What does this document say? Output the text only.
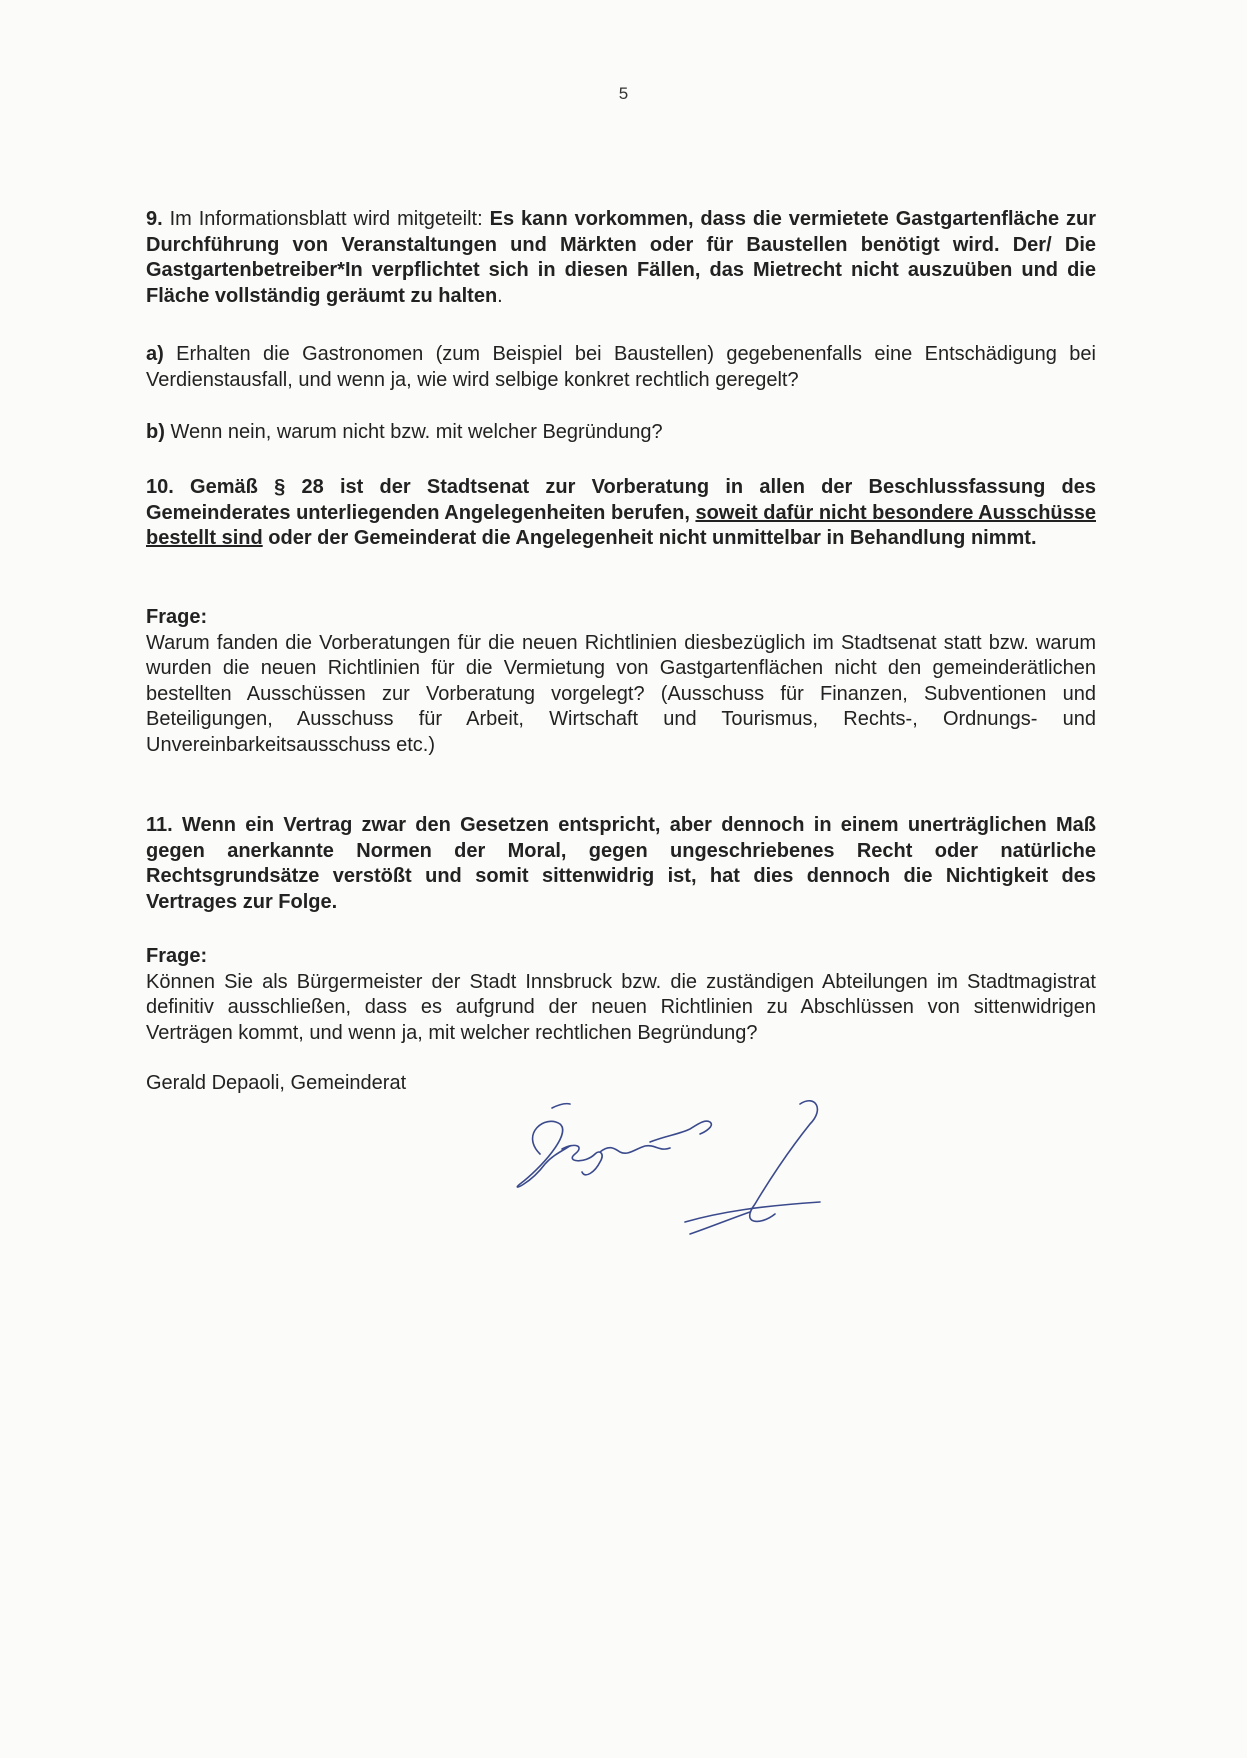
5

9. Im Informationsblatt wird mitgeteilt: Es kann vorkommen, dass die vermietete Gastgartenfläche zur Durchführung von Veranstaltungen und Märkten oder für Baustellen benötigt wird. Der/ Die Gastgartenbetreiber*In verpflichtet sich in diesen Fällen, das Mietrecht nicht auszuüben und die Fläche vollständig geräumt zu halten.

a) Erhalten die Gastronomen (zum Beispiel bei Baustellen) gegebenenfalls eine Entschädigung bei Verdienstausfall, und wenn ja, wie wird selbige konkret rechtlich geregelt?

b) Wenn nein, warum nicht bzw. mit welcher Begründung?

10. Gemäß § 28 ist der Stadtsenat zur Vorberatung in allen der Beschlussfassung des Gemeinderates unterliegenden Angelegenheiten berufen, soweit dafür nicht besondere Ausschüsse bestellt sind oder der Gemeinderat die Angelegenheit nicht unmittelbar in Behandlung nimmt.

Frage:

Warum fanden die Vorberatungen für die neuen Richtlinien diesbezüglich im Stadtsenat statt bzw. warum wurden die neuen Richtlinien für die Vermietung von Gastgartenflächen nicht den gemeinderätlichen bestellten Ausschüssen zur Vorberatung vorgelegt? (Ausschuss für Finanzen, Subventionen und Beteiligungen, Ausschuss für Arbeit, Wirtschaft und Tourismus, Rechts-, Ordnungs- und Unvereinbarkeitsausschuss etc.)

11. Wenn ein Vertrag zwar den Gesetzen entspricht, aber dennoch in einem unerträglichen Maß gegen anerkannte Normen der Moral, gegen ungeschriebenes Recht oder natürliche Rechtsgrundsätze verstößt und somit sittenwidrig ist, hat dies dennoch die Nichtigkeit des Vertrages zur Folge.

Frage:

Können Sie als Bürgermeister der Stadt Innsbruck bzw. die zuständigen Abteilungen im Stadtmagistrat definitiv ausschließen, dass es aufgrund der neuen Richtlinien zu Abschlüssen von sittenwidrigen Verträgen kommt, und wenn ja, mit welcher rechtlichen Begründung?

Gerald Depaoli, Gemeinderat
